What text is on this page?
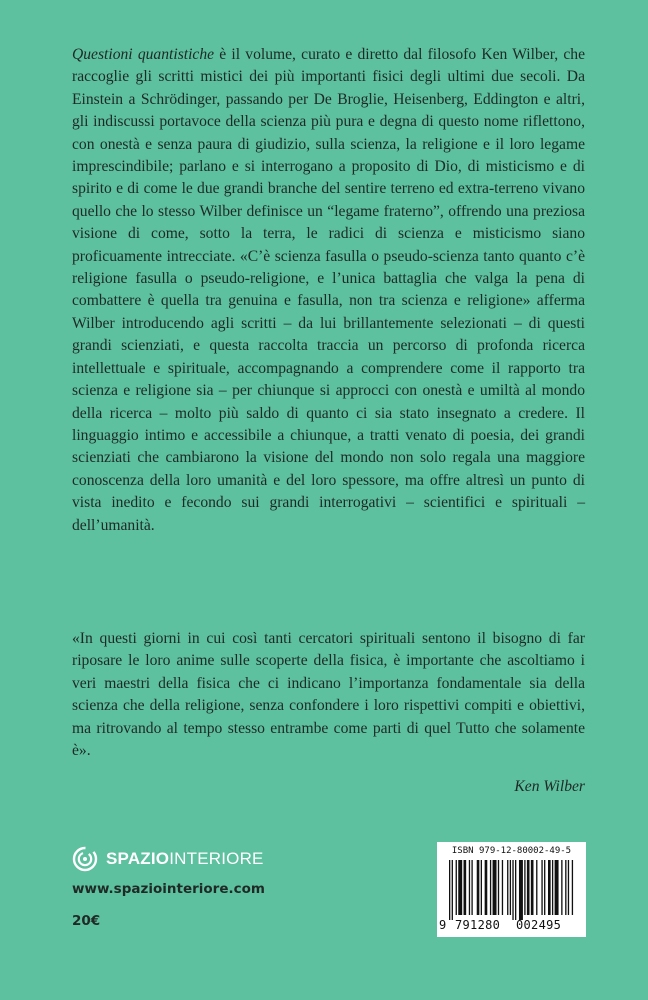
Questioni quantistiche è il volume, curato e diretto dal filosofo Ken Wilber, che raccoglie gli scritti mistici dei più importanti fisici degli ultimi due secoli. Da Einstein a Schrödinger, passando per De Broglie, Heisenberg, Eddington e altri, gli indiscussi portavoce della scienza più pura e degna di questo nome riflettono, con onestà e senza paura di giudizio, sulla scienza, la religione e il loro legame imprescindibile; parlano e si interrogano a proposito di Dio, di misticismo e di spirito e di come le due grandi branche del sentire terreno ed extra-terreno vivano quello che lo stesso Wilber definisce un “legame fraterno”, offrendo una preziosa visione di come, sotto la terra, le radici di scienza e misticismo siano proficuamente intrecciate. «C’è scienza fasulla o pseudo-scienza tanto quanto c’è religione fasulla o pseudo-religione, e l’unica battaglia che valga la pena di combattere è quella tra genuina e fasulla, non tra scienza e religione» afferma Wilber introducendo agli scritti – da lui brillantemente selezionati – di questi grandi scienziati, e questa raccolta traccia un percorso di profonda ricerca intellettuale e spirituale, accompagnando a comprendere come il rapporto tra scienza e religione sia – per chiunque si approcci con onestà e umiltà al mondo della ricerca – molto più saldo di quanto ci sia stato insegnato a credere. Il linguaggio intimo e accessibile a chiunque, a tratti venato di poesia, dei grandi scienziati che cambiarono la visione del mondo non solo regala una maggiore conoscenza della loro umanità e del loro spessore, ma offre altresì un punto di vista inedito e fecondo sui grandi interrogativi – scientifici e spirituali – dell’umanità.

«In questi giorni in cui così tanti cercatori spirituali sentono il bisogno di far riposare le loro anime sulle scoperte della fisica, è importante che ascoltiamo i veri maestri della fisica che ci indicano l’importanza fondamentale sia della scienza che della religione, senza confondere i loro rispettivi compiti e obiettivi, ma ritrovando al tempo stesso entrambe come parti di quel Tutto che solamente è».

Ken Wilber
SPAZIOINTERIORE
www.spaziointeriore.com
20€
ISBN 979-12-80002-49-5
9 791280 002495
